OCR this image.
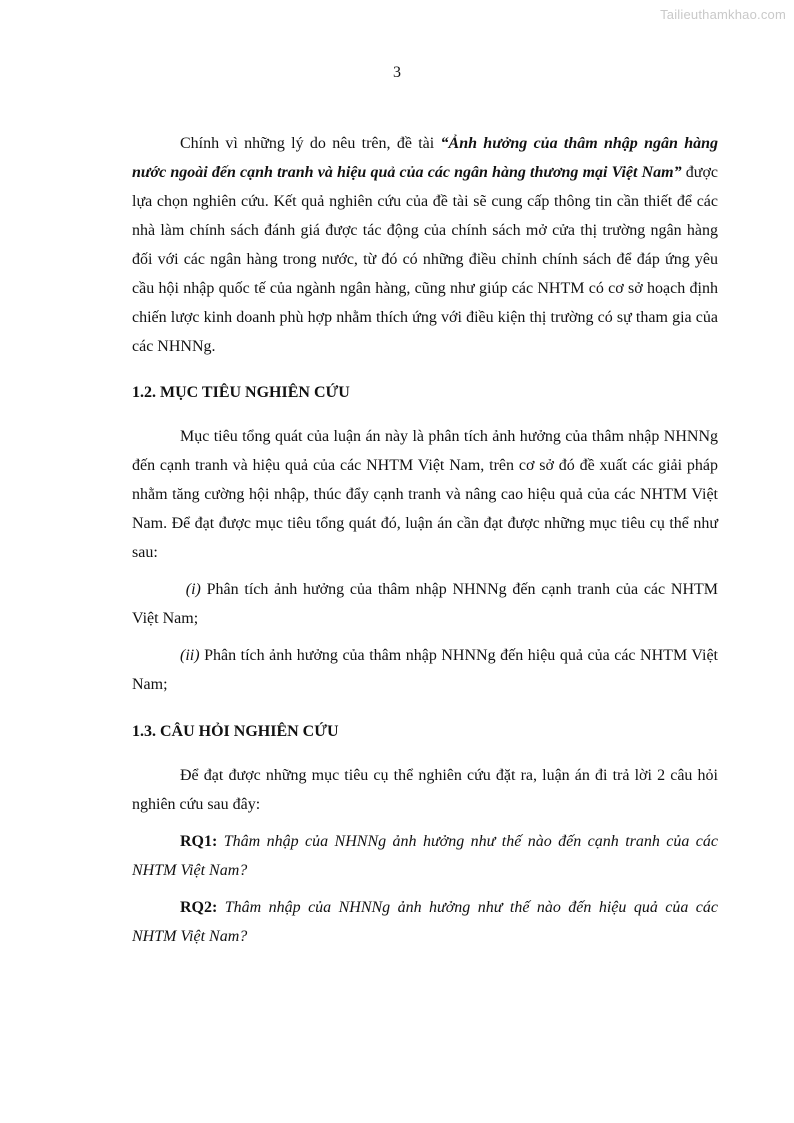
Tailieuthamkhao.com
3

Chính vì những lý do nêu trên, đề tài “Ảnh hưởng của thâm nhập ngân hàng nước ngoài đến cạnh tranh và hiệu quả của các ngân hàng thương mại Việt Nam” được lựa chọn nghiên cứu. Kết quả nghiên cứu của đề tài sẽ cung cấp thông tin cần thiết để các nhà làm chính sách đánh giá được tác động của chính sách mở cửa thị trường ngân hàng đối với các ngân hàng trong nước, từ đó có những điều chỉnh chính sách để đáp ứng yêu cầu hội nhập quốc tế của ngành ngân hàng, cũng như giúp các NHTM có cơ sở hoạch định chiến lược kinh doanh phù hợp nhằm thích ứng với điều kiện thị trường có sự tham gia của các NHNNg.

1.2. MỤC TIÊU NGHIÊN CỨU

Mục tiêu tổng quát của luận án này là phân tích ảnh hưởng của thâm nhập NHNNg đến cạnh tranh và hiệu quả của các NHTM Việt Nam, trên cơ sở đó đề xuất các giải pháp nhằm tăng cường hội nhập, thúc đẩy cạnh tranh và nâng cao hiệu quả của các NHTM Việt Nam. Để đạt được mục tiêu tổng quát đó, luận án cần đạt được những mục tiêu cụ thể như sau:

(i) Phân tích ảnh hưởng của thâm nhập NHNNg đến cạnh tranh của các NHTM Việt Nam;

(ii) Phân tích ảnh hưởng của thâm nhập NHNNg đến hiệu quả của các NHTM Việt Nam;

1.3. CÂU HỎI NGHIÊN CỨU

Để đạt được những mục tiêu cụ thể nghiên cứu đặt ra, luận án đi trả lời 2 câu hỏi nghiên cứu sau đây:

RQ1: Thâm nhập của NHNNg ảnh hưởng như thế nào đến cạnh tranh của các NHTM Việt Nam?

RQ2: Thâm nhập của NHNNg ảnh hưởng như thế nào đến hiệu quả của các NHTM Việt Nam?
